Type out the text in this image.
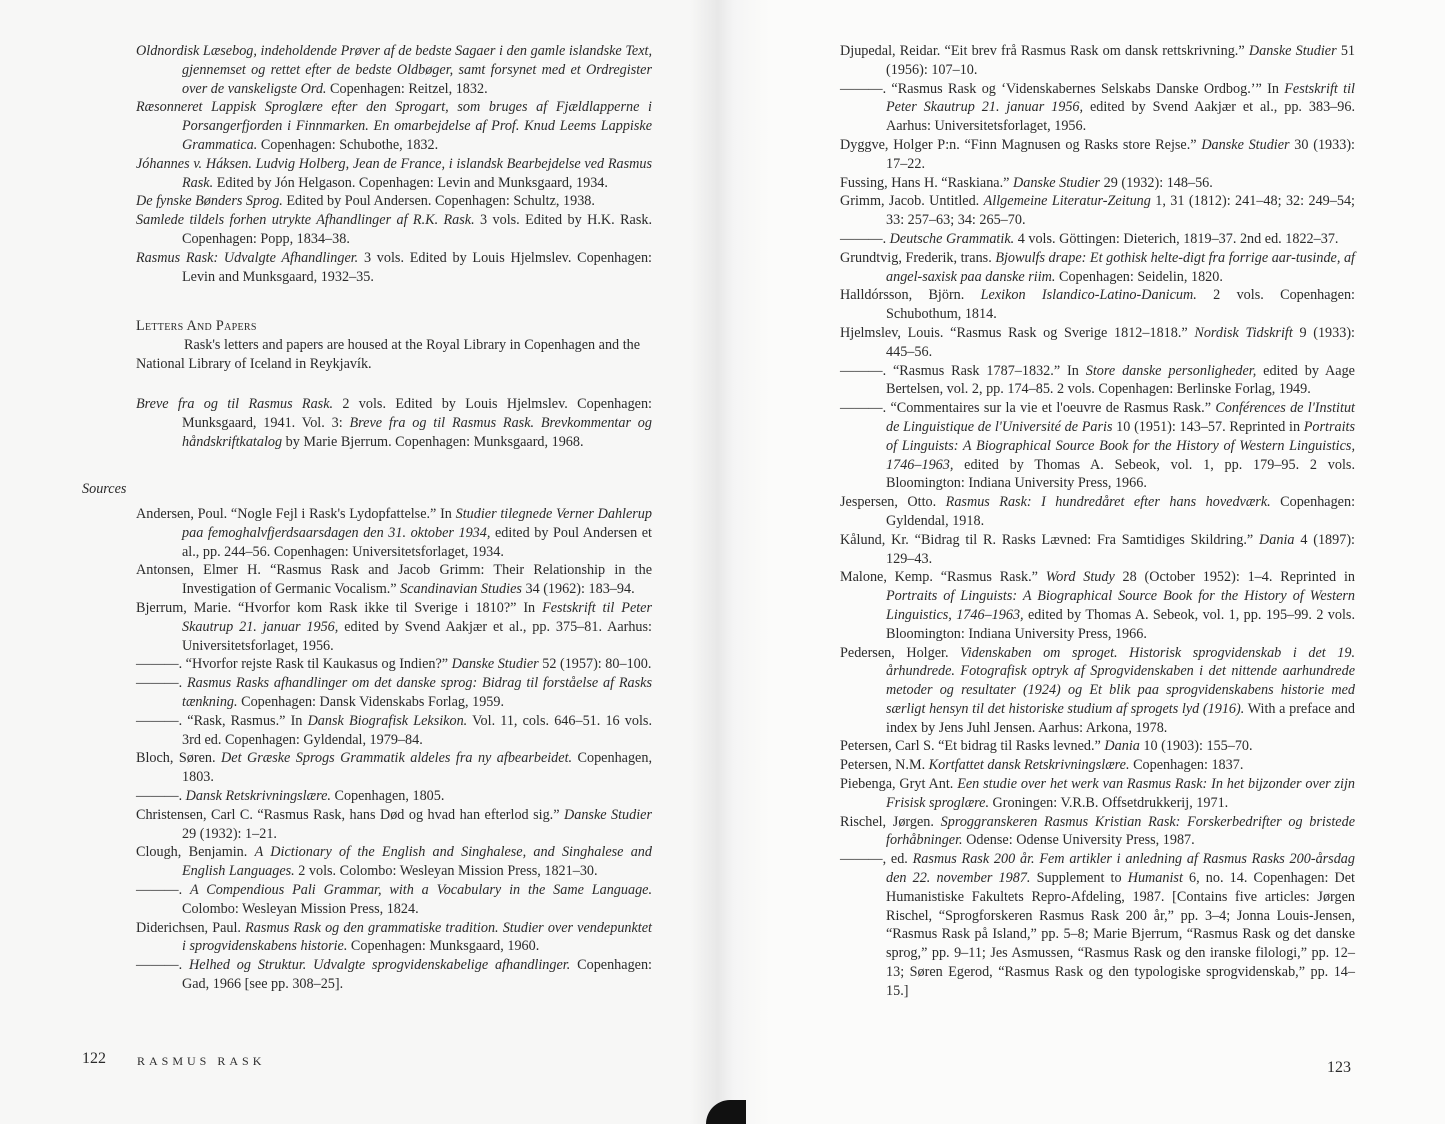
Oldnordisk Læsebog, indeholdende Prøver af de bedste Sagaer i den gamle islandske Text, gjennemset og rettet efter de bedste Oldbøger, samt forsynet med et Ordregister over de vanskeligste Ord. Copenhagen: Reitzel, 1832.

Ræsonneret Lappisk Sproglære efter den Sprogart, som bruges af Fjældlapperne i Porsangerfjorden i Finnmarken. En omarbejdelse af Prof. Knud Leems Lappiske Grammatica. Copenhagen: Schubothe, 1832.

Jóhannes v. Háksen. Ludvig Holberg, Jean de France, i islandsk Bearbejdelse ved Rasmus Rask. Edited by Jón Helgason. Copenhagen: Levin and Munksgaard, 1934.

De fynske Bønders Sprog. Edited by Poul Andersen. Copenhagen: Schultz, 1938.

Samlede tildels forhen utrykte Afhandlinger af R.K. Rask. 3 vols. Edited by H.K. Rask. Copenhagen: Popp, 1834–38.

Rasmus Rask: Udvalgte Afhandlinger. 3 vols. Edited by Louis Hjelmslev. Copenhagen: Levin and Munksgaard, 1932–35.

Letters And Papers

Rask's letters and papers are housed at the Royal Library in Copenhagen and the National Library of Iceland in Reykjavík.

Breve fra og til Rasmus Rask. 2 vols. Edited by Louis Hjelmslev. Copenhagen: Munksgaard, 1941. Vol. 3: Breve fra og til Rasmus Rask. Brevkommentar og håndskriftkatalog by Marie Bjerrum. Copenhagen: Munksgaard, 1968.

Sources

Andersen, Poul. “Nogle Fejl i Rask's Lydopfattelse.” In Studier tilegnede Verner Dahlerup paa femoghalvfjerdsaarsdagen den 31. oktober 1934, edited by Poul Andersen et al., pp. 244–56. Copenhagen: Universitetsforlaget, 1934.

Antonsen, Elmer H. “Rasmus Rask and Jacob Grimm: Their Relationship in the Investigation of Germanic Vocalism.” Scandinavian Studies 34 (1962): 183–94.

Bjerrum, Marie. “Hvorfor kom Rask ikke til Sverige i 1810?” In Festskrift til Peter Skautrup 21. januar 1956, edited by Svend Aakjær et al., pp. 375–81. Aarhus: Universitetsforlaget, 1956.

———. “Hvorfor rejste Rask til Kaukasus og Indien?” Danske Studier 52 (1957): 80–100.

———. Rasmus Rasks afhandlinger om det danske sprog: Bidrag til forståelse af Rasks tænkning. Copenhagen: Dansk Videnskabs Forlag, 1959.

———. “Rask, Rasmus.” In Dansk Biografisk Leksikon. Vol. 11, cols. 646–51. 16 vols. 3rd ed. Copenhagen: Gyldendal, 1979–84.

Bloch, Søren. Det Græske Sprogs Grammatik aldeles fra ny afbearbeidet. Copenhagen, 1803.

———. Dansk Retskrivningslære. Copenhagen, 1805.

Christensen, Carl C. “Rasmus Rask, hans Død og hvad han efterlod sig.” Danske Studier 29 (1932): 1–21.

Clough, Benjamin. A Dictionary of the English and Singhalese, and Singhalese and English Languages. 2 vols. Colombo: Wesleyan Mission Press, 1821–30.

———. A Compendious Pali Grammar, with a Vocabulary in the Same Language. Colombo: Wesleyan Mission Press, 1824.

Diderichsen, Paul. Rasmus Rask og den grammatiske tradition. Studier over vendepunktet i sprogvidenskabens historie. Copenhagen: Munksgaard, 1960.

———. Helhed og Struktur. Udvalgte sprogvidenskabelige afhandlinger. Copenhagen: Gad, 1966 [see pp. 308–25].

122	RASMUS RASK

Djupedal, Reidar. “Eit brev frå Rasmus Rask om dansk rettskrivning.” Danske Studier 51 (1956): 107–10.

———. “Rasmus Rask og ‘Videnskabernes Selskabs Danske Ordbog.’” In Festskrift til Peter Skautrup 21. januar 1956, edited by Svend Aakjær et al., pp. 383–96. Aarhus: Universitetsforlaget, 1956.

Dyggve, Holger P:n. “Finn Magnusen og Rasks store Rejse.” Danske Studier 30 (1933): 17–22.

Fussing, Hans H. “Raskiana.” Danske Studier 29 (1932): 148–56.

Grimm, Jacob. Untitled. Allgemeine Literatur-Zeitung 1, 31 (1812): 241–48; 32: 249–54; 33: 257–63; 34: 265–70.

———. Deutsche Grammatik. 4 vols. Göttingen: Dieterich, 1819–37. 2nd ed. 1822–37.

Grundtvig, Frederik, trans. Bjowulfs drape: Et gothisk helte-digt fra forrige aar-tusinde, af angel-saxisk paa danske riim. Copenhagen: Seidelin, 1820.

Halldórsson, Björn. Lexikon Islandico-Latino-Danicum. 2 vols. Copenhagen: Schubothum, 1814.

Hjelmslev, Louis. “Rasmus Rask og Sverige 1812–1818.” Nordisk Tidskrift 9 (1933): 445–56.

———. “Rasmus Rask 1787–1832.” In Store danske personligheder, edited by Aage Bertelsen, vol. 2, pp. 174–85. 2 vols. Copenhagen: Berlinske Forlag, 1949.

———. “Commentaires sur la vie et l'oeuvre de Rasmus Rask.” Conférences de l'Institut de Linguistique de l'Université de Paris 10 (1951): 143–57. Reprinted in Portraits of Linguists: A Biographical Source Book for the History of Western Linguistics, 1746–1963, edited by Thomas A. Sebeok, vol. 1, pp. 179–95. 2 vols. Bloomington: Indiana University Press, 1966.

Jespersen, Otto. Rasmus Rask: I hundredåret efter hans hovedværk. Copenhagen: Gyldendal, 1918.

Kålund, Kr. “Bidrag til R. Rasks Lævned: Fra Samtidiges Skildring.” Dania 4 (1897): 129–43.

Malone, Kemp. “Rasmus Rask.” Word Study 28 (October 1952): 1–4. Reprinted in Portraits of Linguists: A Biographical Source Book for the History of Western Linguistics, 1746–1963, edited by Thomas A. Sebeok, vol. 1, pp. 195–99. 2 vols. Bloomington: Indiana University Press, 1966.

Pedersen, Holger. Videnskaben om sproget. Historisk sprogvidenskab i det 19. århundrede. Fotografisk optryk af Sprogvidenskaben i det nittende aarhundrede metoder og resultater (1924) og Et blik paa sprogvidenskabens historie med særligt hensyn til det historiske studium af sprogets lyd (1916). With a preface and index by Jens Juhl Jensen. Aarhus: Arkona, 1978.

Petersen, Carl S. “Et bidrag til Rasks levned.” Dania 10 (1903): 155–70.

Petersen, N.M. Kortfattet dansk Retskrivningslære. Copenhagen: 1837.

Piebenga, Gryt Ant. Een studie over het werk van Rasmus Rask: In het bijzonder over zijn Frisisk sproglære. Groningen: V.R.B. Offsetdrukkerij, 1971.

Rischel, Jørgen. Sproggranskeren Rasmus Kristian Rask: Forskerbedrifter og bristede forhåbninger. Odense: Odense University Press, 1987.

———, ed. Rasmus Rask 200 år. Fem artikler i anledning af Rasmus Rasks 200-årsdag den 22. november 1987. Supplement to Humanist 6, no. 14. Copenhagen: Det Humanistiske Fakultets Repro-Afdeling, 1987. [Contains five articles: Jørgen Rischel, “Sprogforskeren Rasmus Rask 200 år,” pp. 3–4; Jonna Louis-Jensen, “Rasmus Rask på Island,” pp. 5–8; Marie Bjerrum, “Rasmus Rask og det danske sprog,” pp. 9–11; Jes Asmussen, “Rasmus Rask og den iranske filologi,” pp. 12–13; Søren Egerod, “Rasmus Rask og den typologiske sprogvidenskab,” pp. 14–15.]

123
